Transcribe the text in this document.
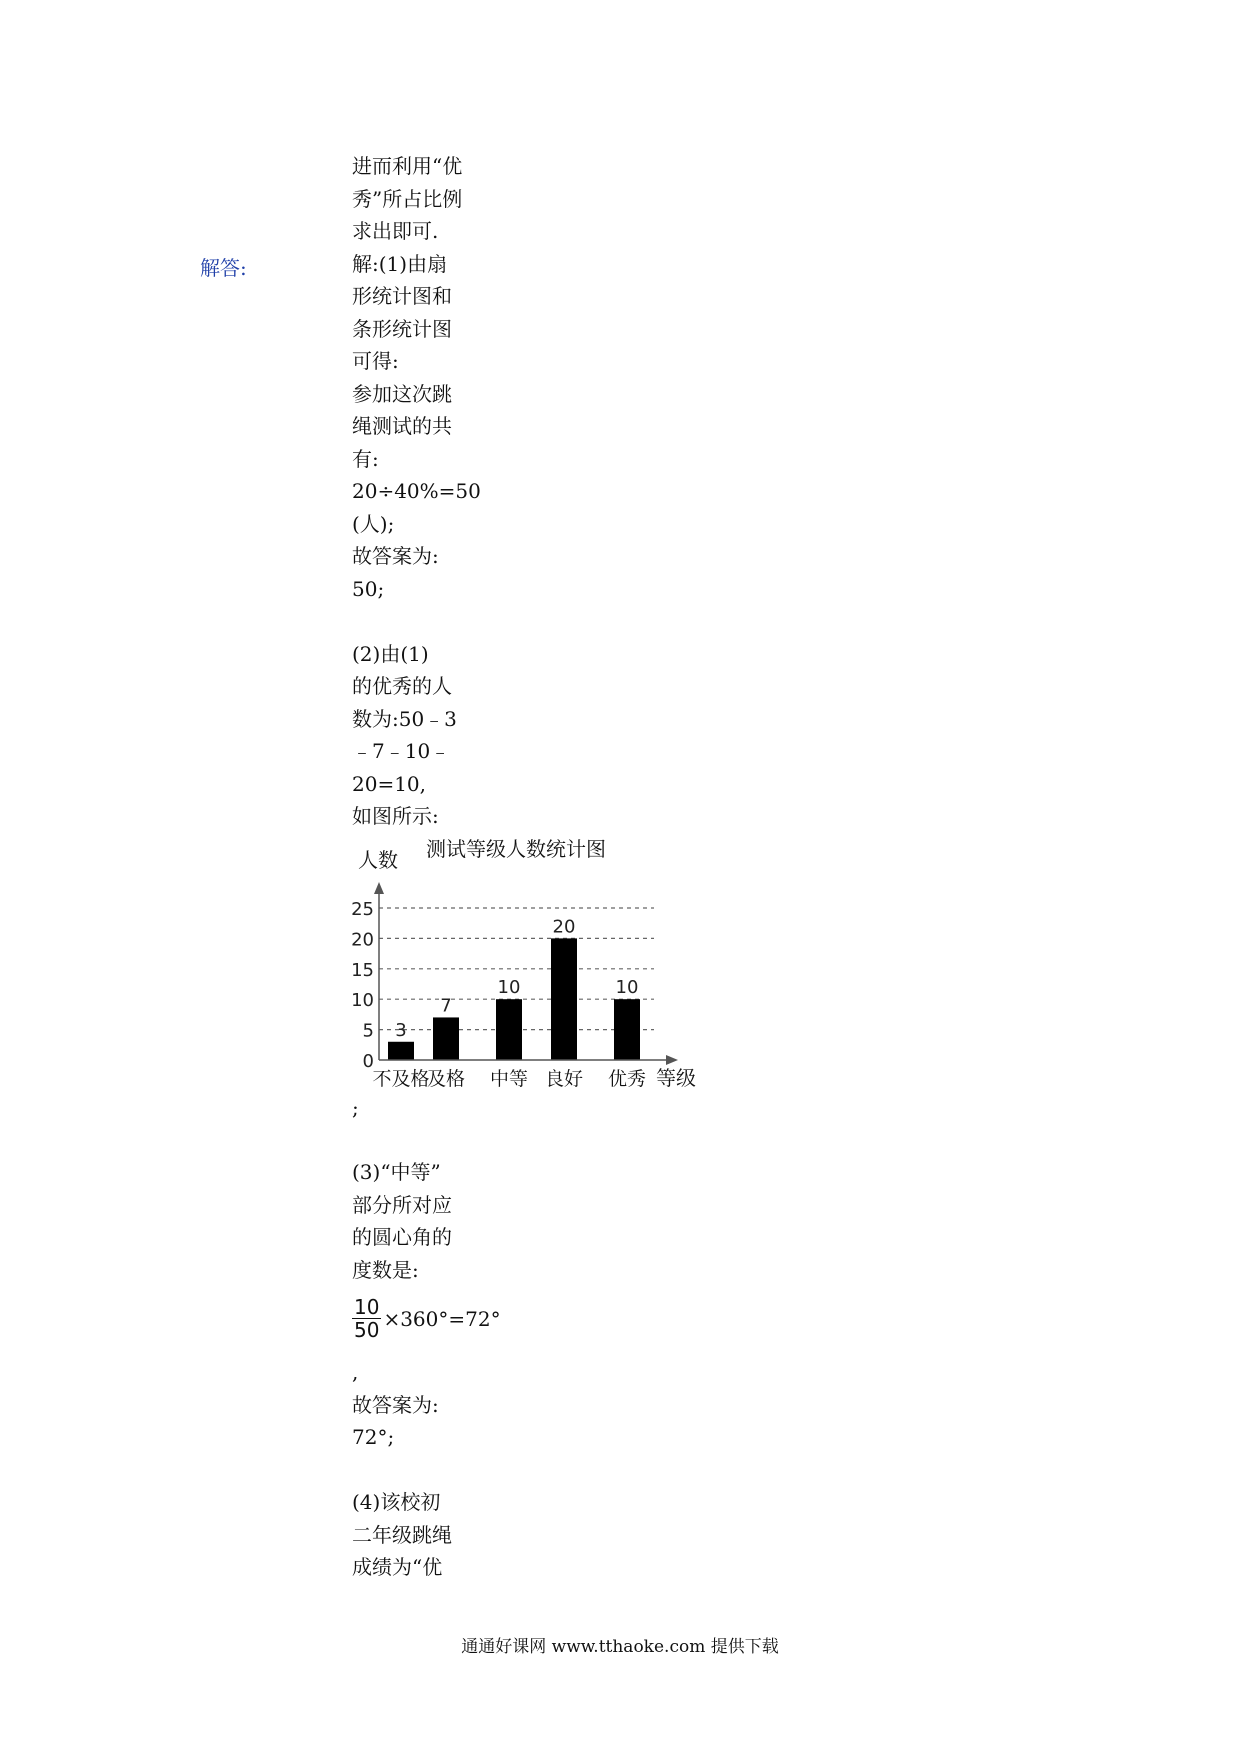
解答:
进而利用“优
秀”所占比例
求出即可.
解:(1)由扇
形统计图和
条形统计图
可得:
参加这次跳
绳测试的共
有:
20÷40%=50
(人);
故答案为:
50;
(2)由(1)
的优秀的人
数为:50﹣3
﹣7﹣10﹣
20=10,
如图所示:
测试等级人数统计图
人数
等级
0
5
10
15
20
25
不及格
及格 中等 良好 优秀
3
7
10
20
10
;
(3)“中等”
部分所对应
的圆心角的
度数是:
$\frac{10}{50} \times 360^\circ=72^\circ$
,
故答案为:
72°;
(4)该校初
二年级跳绳
成绩为“优
通通好课网 www.tthaoke.com 提供下载
